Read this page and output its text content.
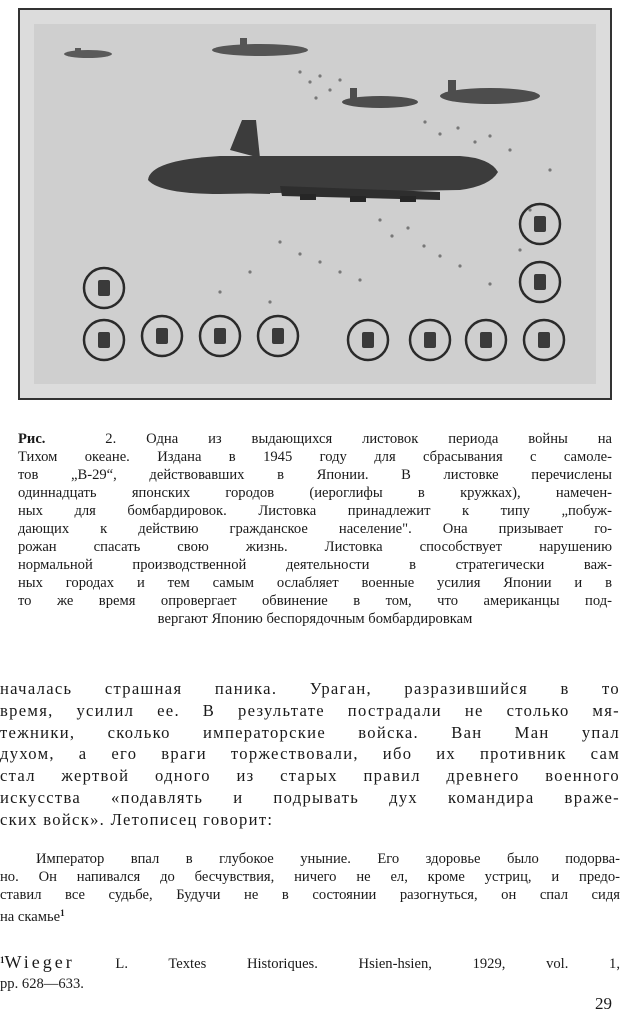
Рис.	2. Одна из выдающихся листовок периода войны на
Тихом океане. Издана в 1945 году для сбрасывания с самоле-
тов „В-29“, действовавших в Японии. В листовке перечислены
одиннадцать японских городов (иероглифы в кружках), намечен-
ных для бомбардировок. Листовка принадлежит к типу „побуж-
дающих к действию гражданское население". Она призывает го-
рожан спасать свою жизнь. Листовка способствует нарушению
нормальной производственной деятельности в стратегически важ-
ных городах и тем самым ослабляет военные усилия Японии и в
то же время опровергает обвинение в том, что американцы под-
вергают Японию беспорядочным бомбардировкам
началась страшная паника. Ураган, разразившийся в то
время, усилил ее. В результате пострадали не столько мя-
тежники, сколько императорские войска. Ван Ман упал
духом, а его враги торжествовали, ибо их противник сам
стал жертвой одного из старых правил древнего военного
искусства «подавлять и подрывать дух командира враже-
ских войск». Летописец говорит:
Император впал в глубокое уныние. Его здоровье было подорва-
но. Он напивался до бесчувствия, ничего не ел, кроме устриц, и предо-
ставил все судьбе, Будучи не в состоянии разогнуться, он спал сидя
на скамье$^1$
$^1$Wieger	L. Textes Historiques. Hsien-hsien, 1929, vol. 1,
pp. 628—633.
29
